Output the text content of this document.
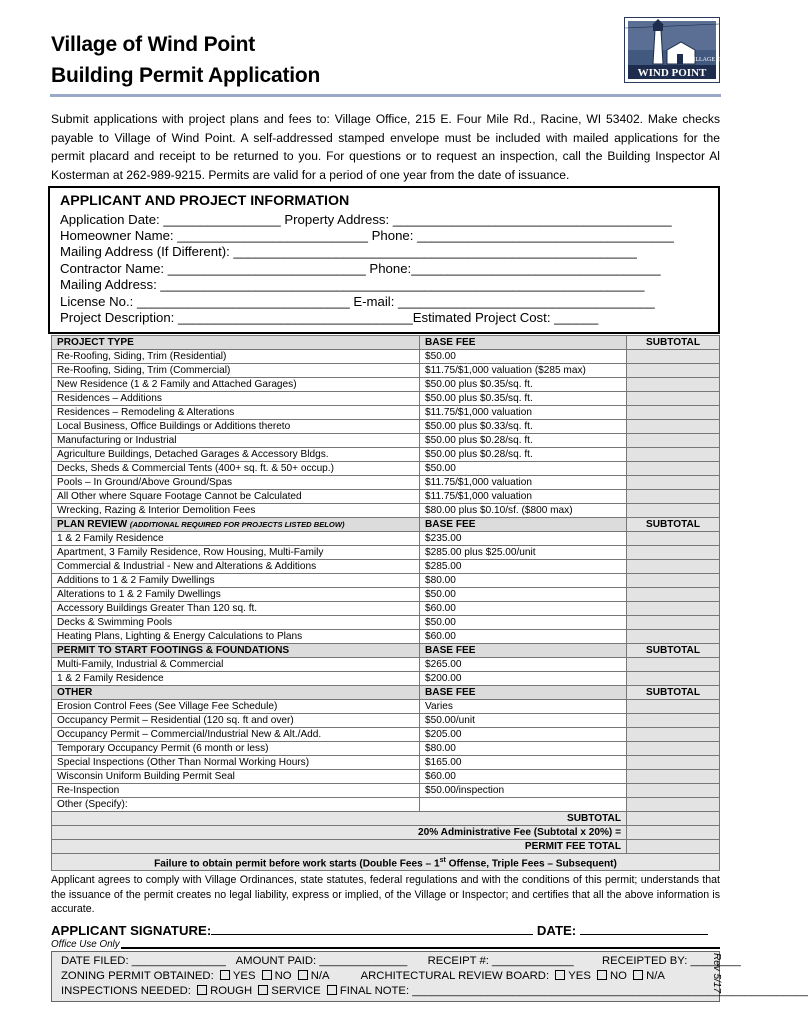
Village of Wind Point
Building Permit Application
VILLAGE OF
WIND POINT
Submit applications with project plans and fees to: Village Office, 215 E. Four Mile Rd., Racine, WI 53402. Make checks payable to Village of Wind Point. A self-addressed stamped envelope must be included with mailed applications for the permit placard and receipt to be returned to you. For questions or to request an inspection, call the Building Inspector Al Kosterman at 262-989-9215. Permits are valid for a period of one year from the date of issuance.
APPLICANT AND PROJECT INFORMATION
Application Date: ________________ Property Address: ______________________________________
Homeowner Name: __________________________ Phone: ___________________________________
Mailing Address (If Different): _______________________________________________________
Contractor Name: ___________________________ Phone:__________________________________
Mailing Address: __________________________________________________________________
License No.: _____________________________ E-mail: ___________________________________
Project Description: ________________________________Estimated Project Cost: ______
PROJECT TYPE	BASE FEE	SUBTOTAL
Re-Roofing, Siding, Trim (Residential)	$50.00	
Re-Roofing, Siding, Trim (Commercial)	$11.75/$1,000 valuation ($285 max)	
New Residence (1 & 2 Family and Attached Garages)	$50.00 plus $0.35/sq. ft.	
Residences – Additions	$50.00 plus $0.35/sq. ft.	
Residences – Remodeling & Alterations	$11.75/$1,000 valuation	
Local Business, Office Buildings or Additions thereto	$50.00 plus $0.33/sq. ft.	
Manufacturing or Industrial	$50.00 plus $0.28/sq. ft.	
Agriculture Buildings, Detached Garages & Accessory Bldgs.	$50.00 plus $0.28/sq. ft.	
Decks, Sheds & Commercial Tents (400+ sq. ft. & 50+ occup.)	$50.00	
Pools – In Ground/Above Ground/Spas	$11.75/$1,000 valuation	
All Other where Square Footage Cannot be Calculated	$11.75/$1,000 valuation	
Wrecking, Razing & Interior Demolition Fees	$80.00 plus $0.10/sf. ($800 max)	
PLAN REVIEW (ADDITIONAL REQUIRED FOR PROJECTS LISTED BELOW)	BASE FEE	SUBTOTAL
1 & 2 Family Residence	$235.00	
Apartment, 3 Family Residence, Row Housing, Multi-Family	$285.00 plus $25.00/unit	
Commercial & Industrial - New and Alterations & Additions	$285.00	
Additions to 1 & 2 Family Dwellings	$80.00	
Alterations to 1 & 2 Family Dwellings	$50.00	
Accessory Buildings Greater Than 120 sq. ft.	$60.00	
Decks & Swimming Pools	$50.00	
Heating Plans, Lighting & Energy Calculations to Plans	$60.00	
PERMIT TO START FOOTINGS & FOUNDATIONS	BASE FEE	SUBTOTAL
Multi-Family, Industrial & Commercial	$265.00	
1 & 2 Family Residence	$200.00	
OTHER	BASE FEE	SUBTOTAL
Erosion Control Fees (See Village Fee Schedule)	Varies	
Occupancy Permit – Residential (120 sq. ft and over)	$50.00/unit	
Occupancy Permit – Commercial/Industrial New & Alt./Add.	$205.00	
Temporary Occupancy Permit (6 month or less)	$80.00	
Special Inspections (Other Than Normal Working Hours)	$165.00	
Wisconsin Uniform Building Permit Seal	$60.00	
Re-Inspection	$50.00/inspection	
Other (Specify):		
SUBTOTAL		
20% Administrative Fee (Subtotal x 20%) =		
PERMIT FEE TOTAL		
Failure to obtain permit before work starts (Double Fees – 1st Offense, Triple Fees – Subsequent)		
Applicant agrees to comply with Village Ordinances, state statutes, federal regulations and with the conditions of this permit; understands that the issuance of the permit creates no legal liability, express or implied, of the Village or Inspector; and certifies that all the above information is accurate.
APPLICANT SIGNATURE:	DATE:
Office Use Only
DATE FILED: _______________ AMOUNT PAID: ______________ RECEIPT #: _____________	RECEIPTED BY: ________
ZONING PERMIT OBTAINED: YES NO N/A	ARCHITECTURAL REVIEW BOARD: YES NO N/A
INSPECTIONS NEEDED: ROUGH SERVICE FINAL NOTE: _______________________________________________________________
Rev 5/17
